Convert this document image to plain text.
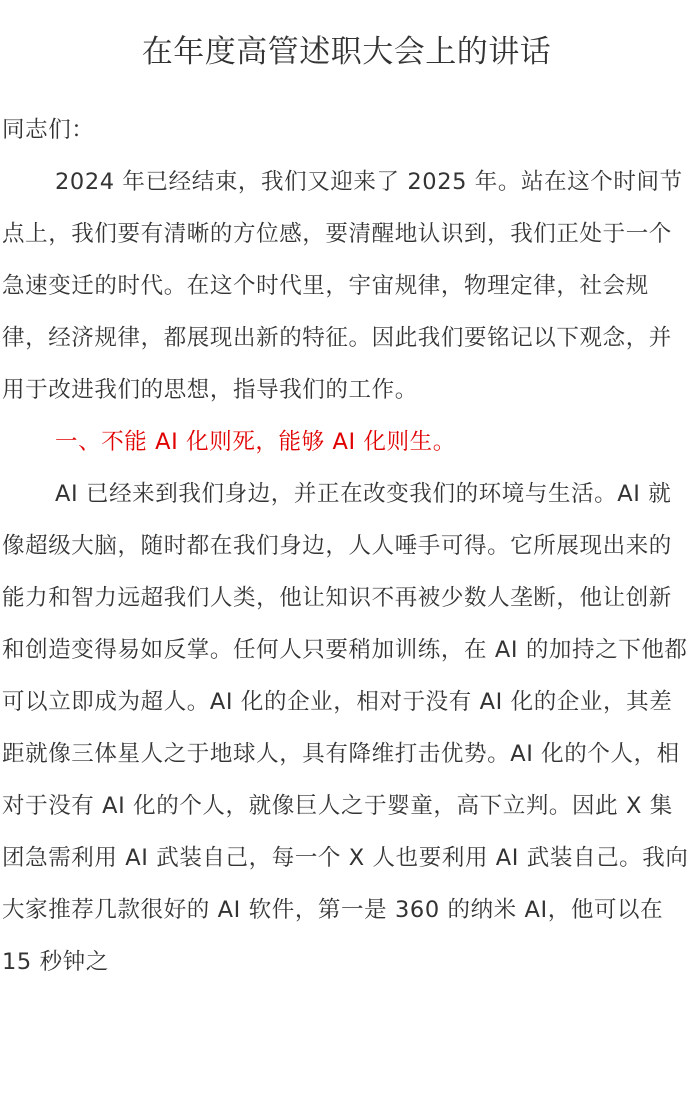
在年度高管述职大会上的讲话

同志们：

2024 年已经结束，我们又迎来了 2025 年。站在这个时间节点上，我们要有清晰的方位感，要清醒地认识到，我们正处于一个急速变迁的时代。在这个时代里，宇宙规律，物理定律，社会规律，经济规律，都展现出新的特征。因此我们要铭记以下观念，并用于改进我们的思想，指导我们的工作。

一、不能 AI 化则死，能够 AI 化则生。

AI 已经来到我们身边，并正在改变我们的环境与生活。AI 就像超级大脑，随时都在我们身边，人人唾手可得。它所展现出来的能力和智力远超我们人类，他让知识不再被少数人垄断，他让创新和创造变得易如反掌。任何人只要稍加训练，在 AI 的加持之下他都可以立即成为超人。AI 化的企业，相对于没有 AI 化的企业，其差距就像三体星人之于地球人，具有降维打击优势。AI 化的个人，相对于没有 AI 化的个人，就像巨人之于婴童，高下立判。因此 X 集团急需利用 AI 武装自己，每一个 X 人也要利用 AI 武装自己。我向大家推荐几款很好的 AI 软件，第一是 360 的纳米 AI，他可以在 15 秒钟之
